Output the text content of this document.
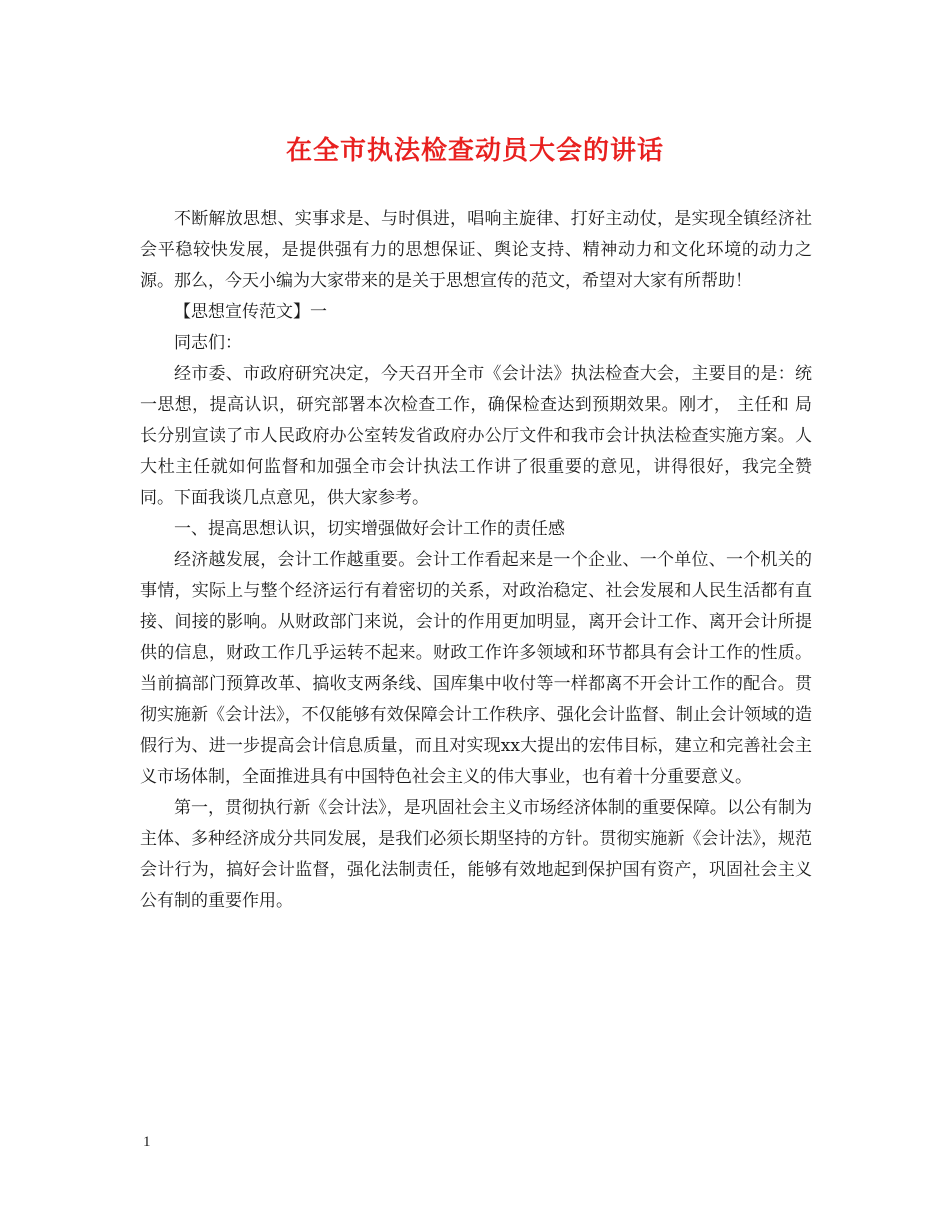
在全市执法检查动员大会的讲话

不断解放思想、实事求是、与时俱进，唱响主旋律、打好主动仗，是实现全镇经济社会平稳较快发展，是提供强有力的思想保证、舆论支持、精神动力和文化环境的动力之源。那么，今天小编为大家带来的是关于思想宣传的范文，希望对大家有所帮助！

【思想宣传范文】一

同志们：

经市委、市政府研究决定，今天召开全市《会计法》执法检查大会，主要目的是：统一思想，提高认识，研究部署本次检查工作，确保检查达到预期效果。刚才， 主任和 局长分别宣读了市人民政府办公室转发省政府办公厅文件和我市会计执法检查实施方案。人大杜主任就如何监督和加强全市会计执法工作讲了很重要的意见，讲得很好，我完全赞同。下面我谈几点意见，供大家参考。

一、提高思想认识，切实增强做好会计工作的责任感

经济越发展，会计工作越重要。会计工作看起来是一个企业、一个单位、一个机关的事情，实际上与整个经济运行有着密切的关系，对政治稳定、社会发展和人民生活都有直接、间接的影响。从财政部门来说，会计的作用更加明显，离开会计工作、离开会计所提供的信息，财政工作几乎运转不起来。财政工作许多领域和环节都具有会计工作的性质。当前搞部门预算改革、搞收支两条线、国库集中收付等一样都离不开会计工作的配合。贯彻实施新《会计法》，不仅能够有效保障会计工作秩序、强化会计监督、制止会计领域的造假行为、进一步提高会计信息质量，而且对实现xx大提出的宏伟目标，建立和完善社会主义市场体制，全面推进具有中国特色社会主义的伟大事业，也有着十分重要意义。

第一，贯彻执行新《会计法》，是巩固社会主义市场经济体制的重要保障。以公有制为主体、多种经济成分共同发展，是我们必须长期坚持的方针。贯彻实施新《会计法》，规范会计行为，搞好会计监督，强化法制责任，能够有效地起到保护国有资产，巩固社会主义公有制的重要作用。

1
